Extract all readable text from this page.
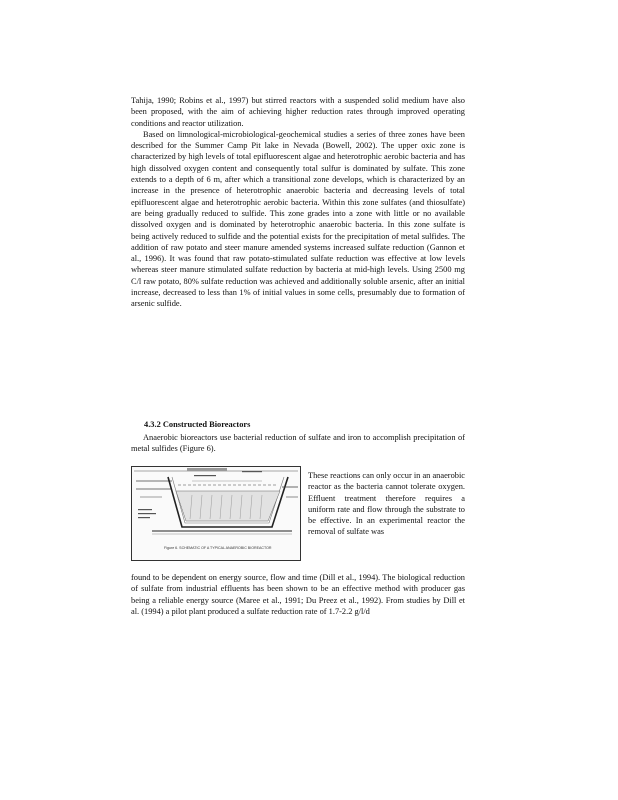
Tahija, 1990; Robins et al., 1997) but stirred reactors with a suspended solid medium have also been proposed, with the aim of achieving higher reduction rates through improved operating conditions and reactor utilization.

Based on limnological-microbiological-geochemical studies a series of three zones have been described for the Summer Camp Pit lake in Nevada (Bowell, 2002). The upper oxic zone is characterized by high levels of total epifluorescent algae and heterotrophic aerobic bacteria and has high dissolved oxygen content and consequently total sulfur is dominated by sulfate. This zone extends to a depth of 6 m, after which a transitional zone develops, which is characterized by an increase in the presence of heterotrophic anaerobic bacteria and decreasing levels of total epifluorescent algae and heterotrophic aerobic bacteria. Within this zone sulfates (and thiosulfate) are being gradually reduced to sulfide. This zone grades into a zone with little or no available dissolved oxygen and is dominated by heterotrophic anaerobic bacteria. In this zone sulfate is being actively reduced to sulfide and the potential exists for the precipitation of metal sulfides. The addition of raw potato and steer manure amended systems increased sulfate reduction (Gannon et al., 1996). It was found that raw potato-stimulated sulfate reduction was effective at low levels whereas steer manure stimulated sulfate reduction by bacteria at mid-high levels. Using 2500 mg C/l raw potato, 80% sulfate reduction was achieved and additionally soluble arsenic, after an initial increase, decreased to less than 1% of initial values in some cells, presumably due to formation of arsenic sulfide.

4.3.2 Constructed Bioreactors

Anaerobic bioreactors use bacterial reduction of sulfate and iron to accomplish precipitation of metal sulfides (Figure 6).

Figure 6. SCHEMATIC OF A TYPICAL ANAEROBIC BIOREACTOR
These reactions can only occur in an anaerobic reactor as the bacteria cannot tolerate oxygen. Effluent treatment therefore requires a uniform rate and flow through the substrate to be effective. In an experimental reactor the removal of sulfate was
found to be dependent on energy source, flow and time (Dill et al., 1994). The biological reduction of sulfate from industrial effluents has been shown to be an effective method with producer gas being a reliable energy source (Maree et al., 1991; Du Preez et al., 1992). From studies by Dill et al. (1994) a pilot plant produced a sulfate reduction rate of 1.7-2.2 g/l/d
